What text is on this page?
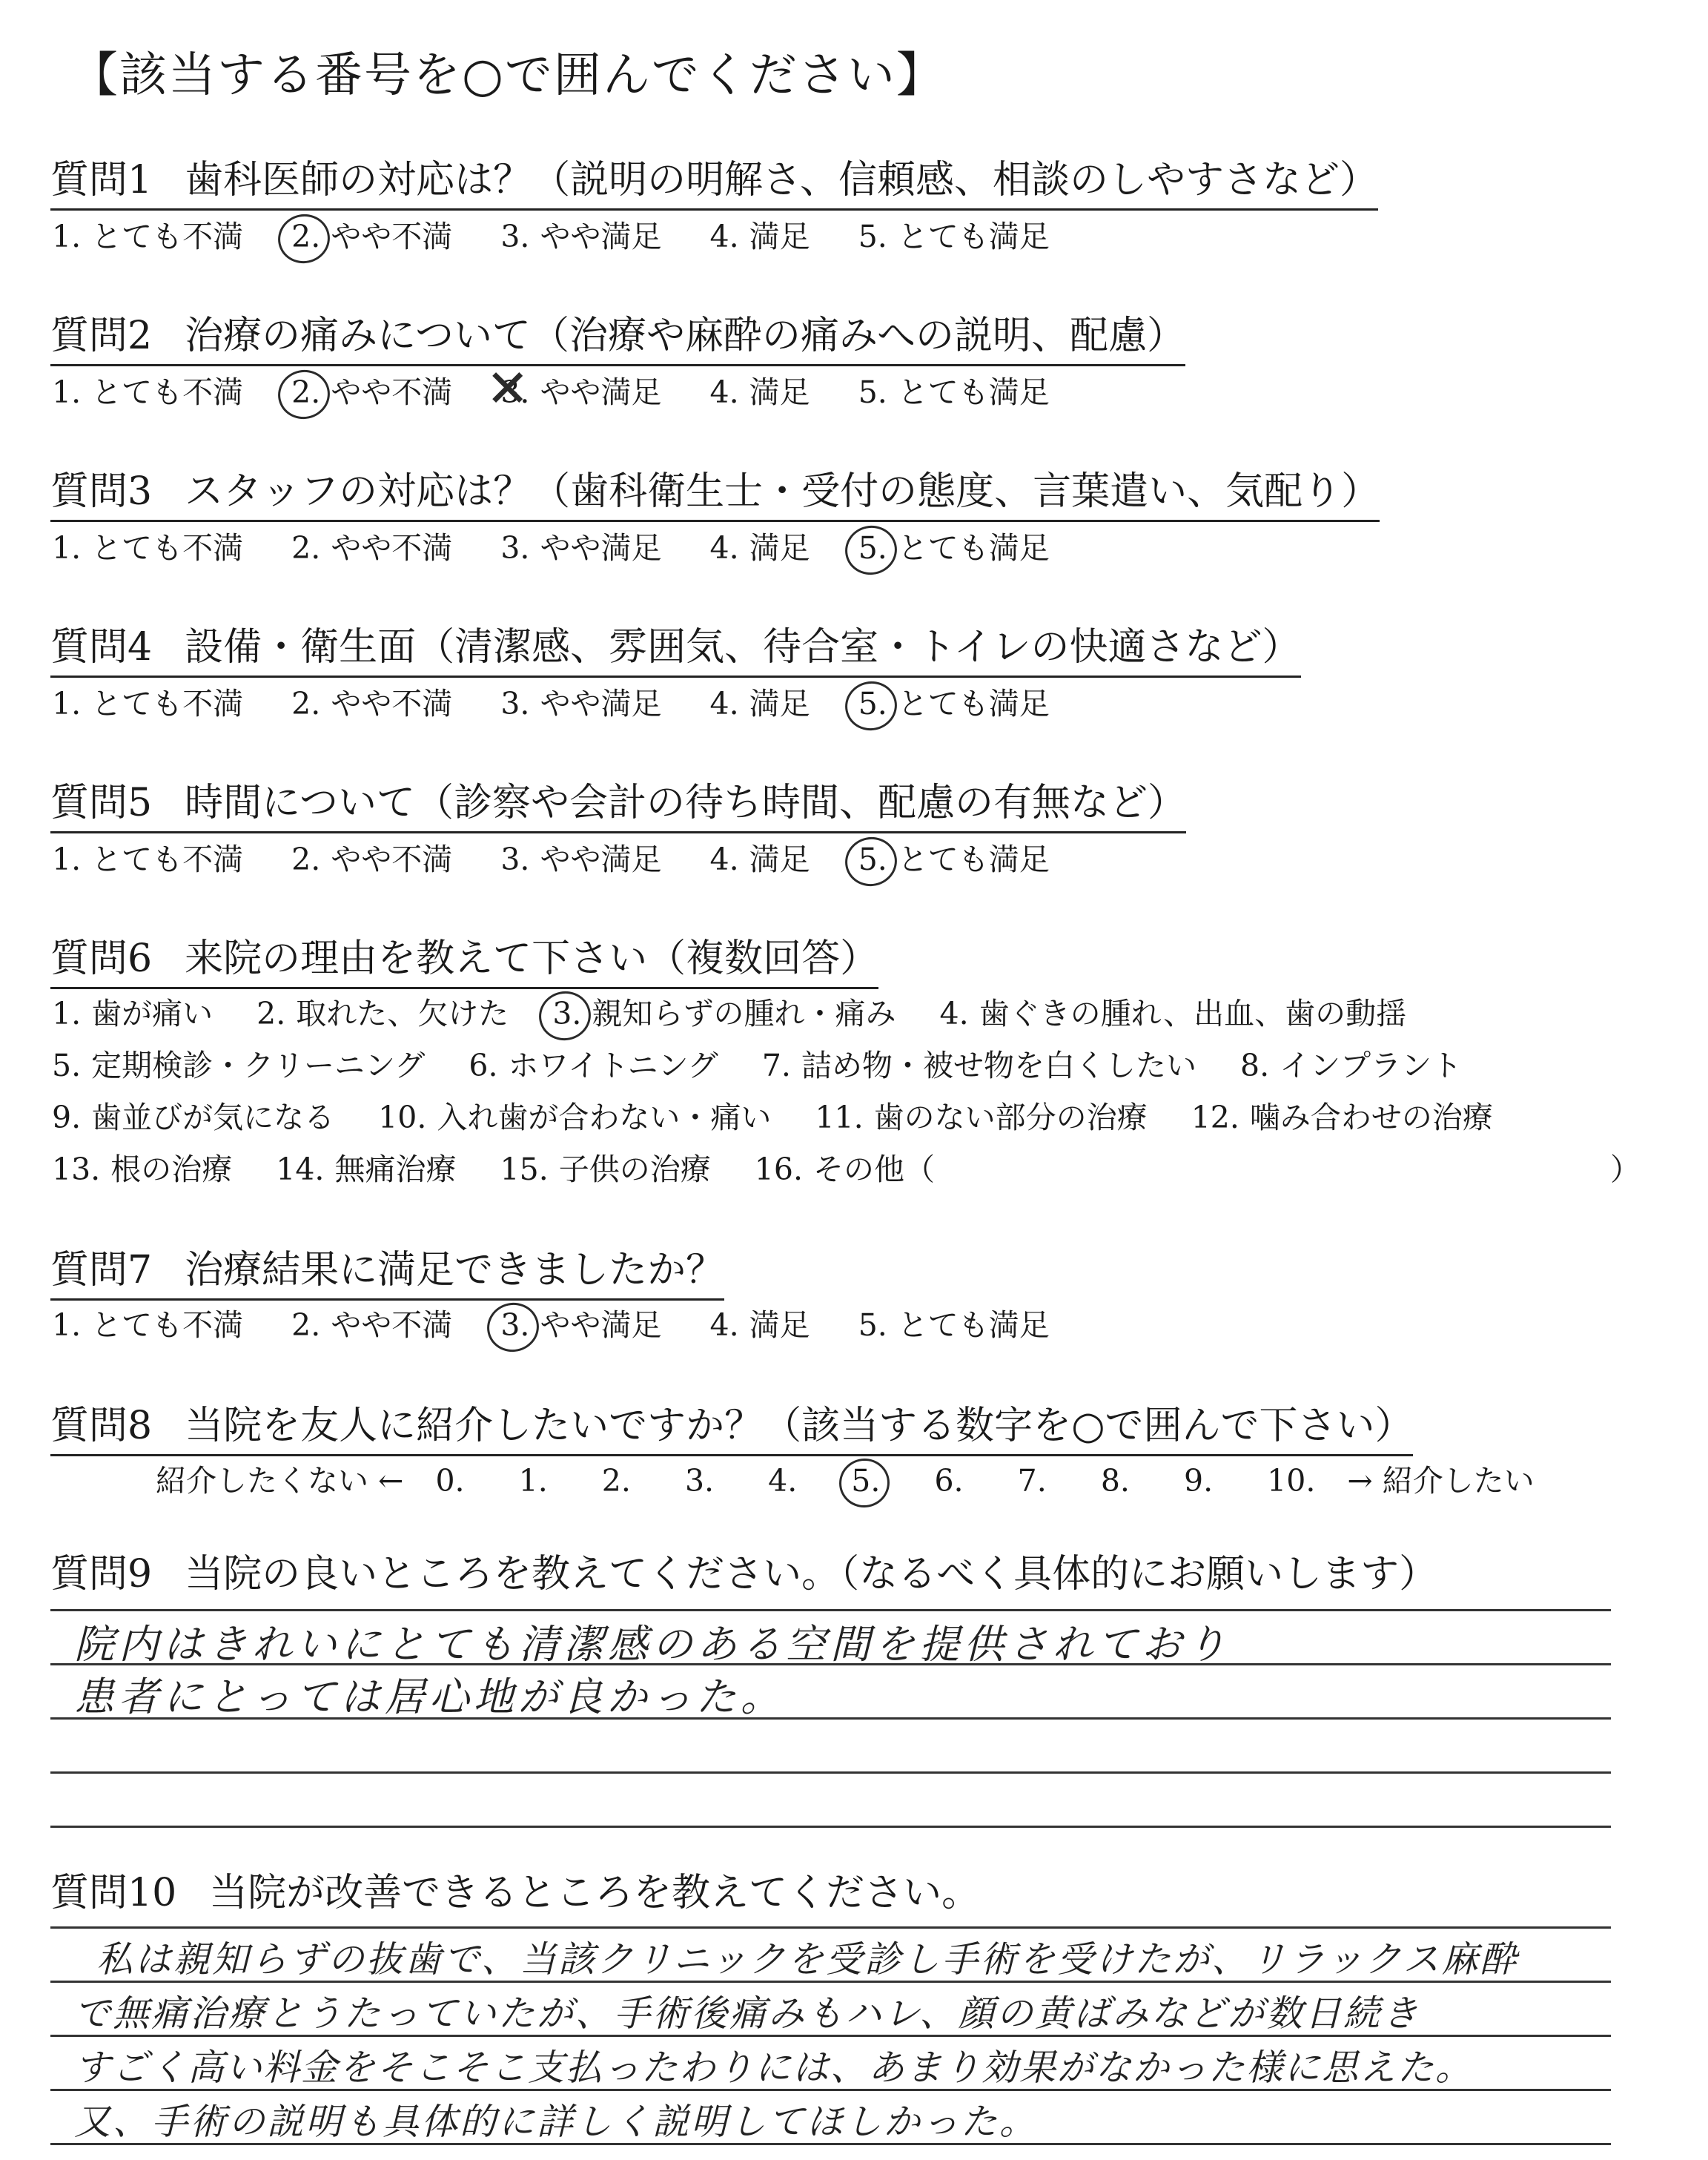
【該当する番号を○で囲んでください】
質問1 歯科医師の対応は？（説明の明解さ、信頼感、相談のしやすさなど）
1. とても不満 2. やや不満 3. やや満足 4. 満足 5. とても満足
質問2 治療の痛みについて（治療や麻酔の痛みへの説明、配慮）
1. とても不満 2. やや不満 ✕ 3. やや満足 4. 満足 5. とても満足
質問3 スタッフの対応は？（歯科衛生士・受付の態度、言葉遣い、気配り）
1. とても不満 2. やや不満 3. やや満足 4. 満足 5. とても満足
質問4 設備・衛生面（清潔感、雰囲気、待合室・トイレの快適さなど）
1. とても不満 2. やや不満 3. やや満足 4. 満足 5. とても満足
質問5 時間について（診察や会計の待ち時間、配慮の有無など）
1. とても不満 2. やや不満 3. やや満足 4. 満足 5. とても満足
質問6 来院の理由を教えて下さい（複数回答）
1. 歯が痛い 2. 取れた、欠けた 3. 親知らずの腫れ・痛み 4. 歯ぐきの腫れ、出血、歯の動揺
5. 定期検診・クリーニング 6. ホワイトニング 7. 詰め物・被せ物を白くしたい 8. インプラント
9. 歯並びが気になる 10. 入れ歯が合わない・痛い 11. 歯のない部分の治療 12. 噛み合わせの治療
13. 根の治療 14. 無痛治療 15. 子供の治療 16. その他（	）
質問7 治療結果に満足できましたか？
1. とても不満 2. やや不満 3. やや満足 4. 満足 5. とても満足
質問8 当院を友人に紹介したいですか？（該当する数字を○で囲んで下さい）
紹介したくない ← 0. 1. 2. 3. 4. 5. 6. 7. 8. 9. 10. → 紹介したい
質問9 当院の良いところを教えてください。（なるべく具体的にお願いします）
院内はきれいにとても清潔感のある空間を提供されており
患者にとっては居心地が良かった。
質問10 当院が改善できるところを教えてください。
私は親知らずの抜歯で、当該クリニックを受診し手術を受けたが、リラックス麻酔
で無痛治療とうたっていたが、手術後痛みもハレ、顔の黄ばみなどが数日続き
すごく高い料金をそこそこ支払ったわりには、あまり効果がなかった様に思えた。
又、手術の説明も具体的に詳しく説明してほしかった。
